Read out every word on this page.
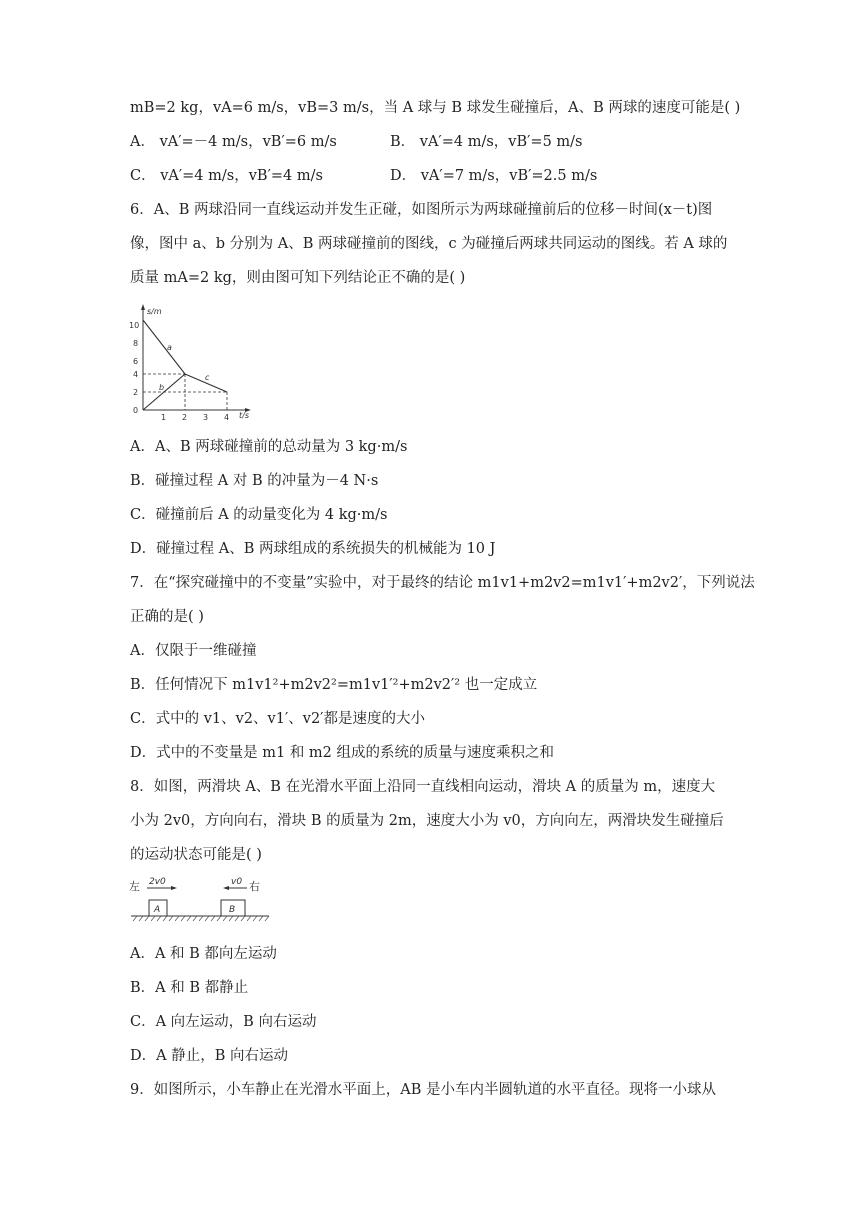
mB=2 kg，vA=6 m/s，vB=3 m/s，当 A 球与 B 球发生碰撞后，A、B 两球的速度可能是( )
A． vA′=－4 m/s，vB′=6 m/s	B． vA′=4 m/s，vB′=5 m/s
C． vA′=4 m/s，vB′=4 m/s	D． vA′=7 m/s，vB′=2.5 m/s
6．A、B 两球沿同一直线运动并发生正碰，如图所示为两球碰撞前后的位移－时间(x－t)图
像，图中 a、b 分别为 A、B 两球碰撞前的图线，c 为碰撞后两球共同运动的图线。若 A 球的
质量 mA=2 kg，则由图可知下列结论正不确的是( )
s/m
t/s
10
8
6
4
2
0
1 2 3 4
a
b
c
A．A、B 两球碰撞前的总动量为 3 kg·m/s
B．碰撞过程 A 对 B 的冲量为－4 N·s
C．碰撞前后 A 的动量变化为 4 kg·m/s
D．碰撞过程 A、B 两球组成的系统损失的机械能为 10 J
7．在“探究碰撞中的不变量”实验中，对于最终的结论 m1v1+m2v2=m1v1′+m2v2′，下列说法
正确的是( )
A．仅限于一维碰撞
B．任何情况下 m1v1²+m2v2²=m1v1′²+m2v2′² 也一定成立
C．式中的 v1、v2、v1′、v2′都是速度的大小
D．式中的不变量是 m1 和 m2 组成的系统的质量与速度乘积之和
8．如图，两滑块 A、B 在光滑水平面上沿同一直线相向运动，滑块 A 的质量为 m，速度大
小为 2v0，方向向右，滑块 B 的质量为 2m，速度大小为 v0，方向向左，两滑块发生碰撞后
的运动状态可能是( )
左 2v0	v0 右
A	B
A．A 和 B 都向左运动
B．A 和 B 都静止
C．A 向左运动，B 向右运动
D．A 静止，B 向右运动
9．如图所示，小车静止在光滑水平面上，AB 是小车内半圆轨道的水平直径。现将一小球从
